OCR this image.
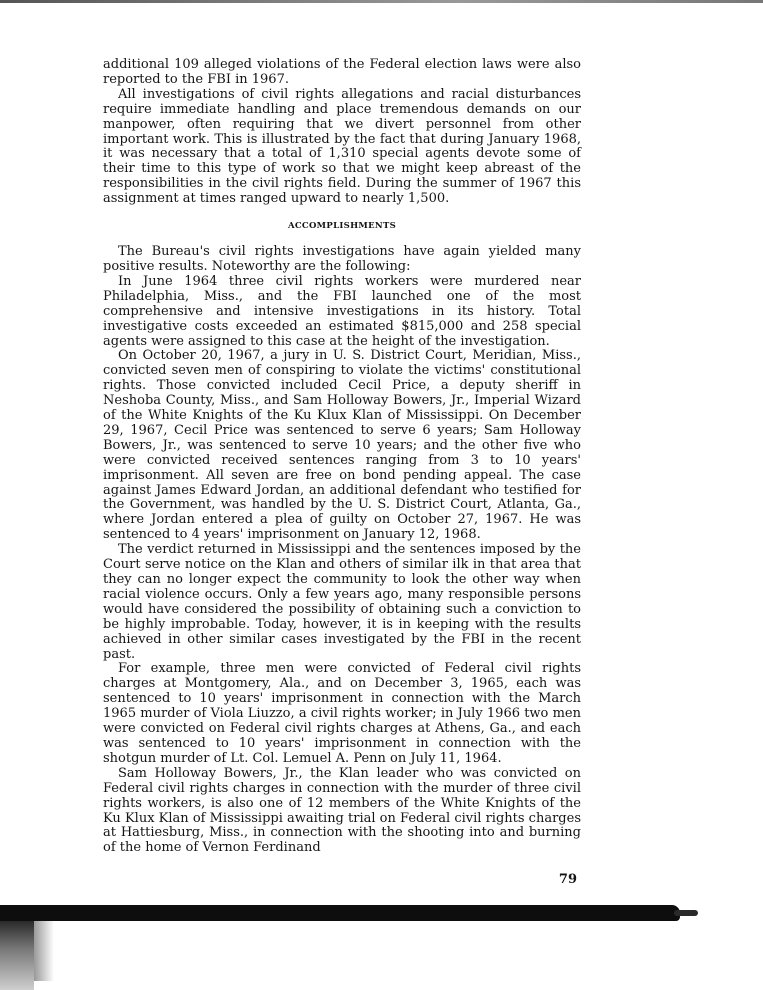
additional 109 alleged violations of the Federal election laws were also reported to the FBI in 1967.

All investigations of civil rights allegations and racial disturbances require immediate handling and place tremendous demands on our manpower, often requiring that we divert personnel from other important work. This is illustrated by the fact that during January 1968, it was necessary that a total of 1,310 special agents devote some of their time to this type of work so that we might keep abreast of the responsibilities in the civil rights field. During the summer of 1967 this assignment at times ranged upward to nearly 1,500.

ACCOMPLISHMENTS

The Bureau's civil rights investigations have again yielded many positive results. Noteworthy are the following:

In June 1964 three civil rights workers were murdered near Philadelphia, Miss., and the FBI launched one of the most comprehensive and intensive investigations in its history. Total investigative costs exceeded an estimated $815,000 and 258 special agents were assigned to this case at the height of the investigation.

On October 20, 1967, a jury in U. S. District Court, Meridian, Miss., convicted seven men of conspiring to violate the victims' constitutional rights. Those convicted included Cecil Price, a deputy sheriff in Neshoba County, Miss., and Sam Holloway Bowers, Jr., Imperial Wizard of the White Knights of the Ku Klux Klan of Mississippi. On December 29, 1967, Cecil Price was sentenced to serve 6 years; Sam Holloway Bowers, Jr., was sentenced to serve 10 years; and the other five who were convicted received sentences ranging from 3 to 10 years' imprisonment. All seven are free on bond pending appeal. The case against James Edward Jordan, an additional defendant who testified for the Government, was handled by the U. S. District Court, Atlanta, Ga., where Jordan entered a plea of guilty on October 27, 1967. He was sentenced to 4 years' imprisonment on January 12, 1968.

The verdict returned in Mississippi and the sentences imposed by the Court serve notice on the Klan and others of similar ilk in that area that they can no longer expect the community to look the other way when racial violence occurs. Only a few years ago, many responsible persons would have considered the possibility of obtaining such a conviction to be highly improbable. Today, however, it is in keeping with the results achieved in other similar cases investigated by the FBI in the recent past.

For example, three men were convicted of Federal civil rights charges at Montgomery, Ala., and on December 3, 1965, each was sentenced to 10 years' imprisonment in connection with the March 1965 murder of Viola Liuzzo, a civil rights worker; in July 1966 two men were convicted on Federal civil rights charges at Athens, Ga., and each was sentenced to 10 years' imprisonment in connection with the shotgun murder of Lt. Col. Lemuel A. Penn on July 11, 1964.

Sam Holloway Bowers, Jr., the Klan leader who was convicted on Federal civil rights charges in connection with the murder of three civil rights workers, is also one of 12 members of the White Knights of the Ku Klux Klan of Mississippi awaiting trial on Federal civil rights charges at Hattiesburg, Miss., in connection with the shooting into and burning of the home of Vernon Ferdinand

79
